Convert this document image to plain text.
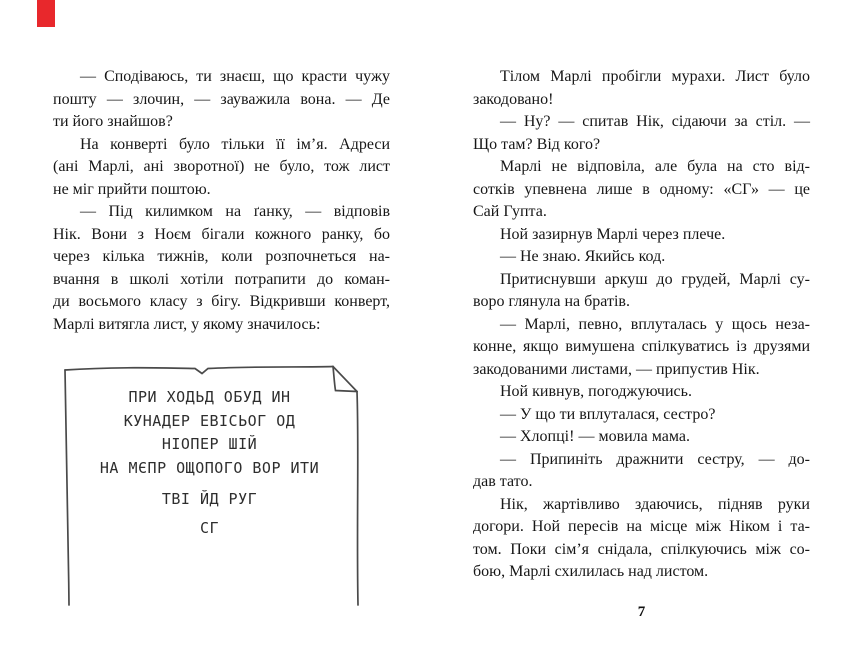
— Сподіваюсь, ти знаєш, що красти чужу
пошту — злочин, — зауважила вона. — Де
ти його знайшов?
На конверті було тільки її ім’я. Адреси
(ані Марлі, ані зворотної) не було, тож лист
не міг прийти поштою.
— Під килимком на ґанку, — відповів
Нік. Вони з Ноєм бігали кожного ранку, бо
через кілька тижнів, коли розпочнеться на-
вчання в школі хотіли потрапити до коман-
ди восьмого класу з бігу. Відкривши конверт,
Марлі витягла лист, у якому значилось:
ПРИ ХОДЬД ОБУД ИН
КУНАДЕР ЕВІСЬОГ ОД
НІОПЕР ШІЙ
НА МЄПР ОЩОПОГО ВОР ИТИ
ТВІ ЙД РУГ
СГ
Тілом Марлі пробігли мурахи. Лист було
закодовано!
— Ну? — спитав Нік, сідаючи за стіл. —
Що там? Від кого?
Марлі не відповіла, але була на сто від-
сотків упевнена лише в одному: «СГ» — це
Сай Гупта.
Ной зазирнув Марлі через плече.
— Не знаю. Якийсь код.
Притиснувши аркуш до грудей, Марлі су-
воро глянула на братів.
— Марлі, певно, вплуталась у щось неза-
конне, якщо вимушена спілкуватись із друзями
закодованими листами, — припустив Нік.
Ной кивнув, погоджуючись.
— У що ти вплуталася, сестро?
— Хлопці! — мовила мама.
— Припиніть дражнити сестру, — до-
дав тато.
Нік, жартівливо здаючись, підняв руки
догори. Ной пересів на місце між Ніком і та-
том. Поки сім’я снідала, спілкуючись між со-
бою, Марлі схилилась над листом.
7
